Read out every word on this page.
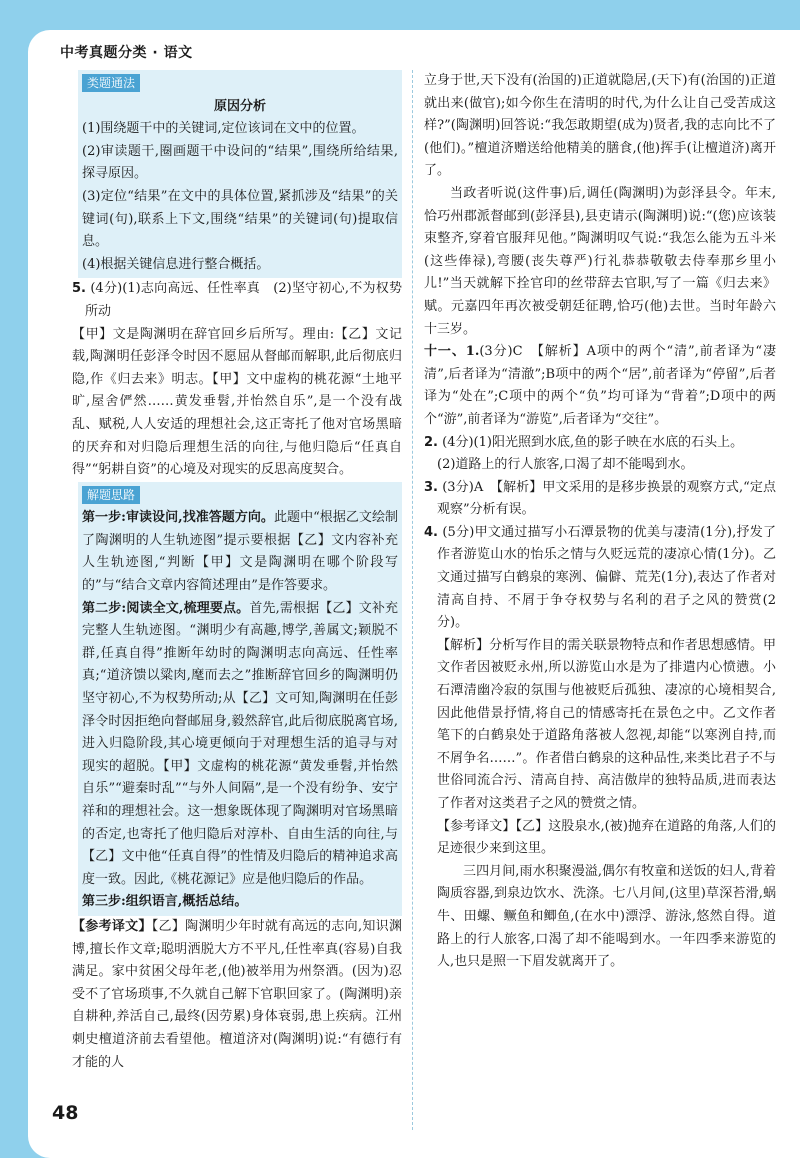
中考真题分类 · 语文
类题通法

原因分析

(1)围绕题干中的关键词,定位该词在文中的位置。

(2)审读题干,圈画题干中设问的“结果”,围绕所给结果,探寻原因。

(3)定位“结果”在文中的具体位置,紧抓涉及“结果”的关键词(句),联系上下文,围绕“结果”的关键词(句)提取信息。

(4)根据关键信息进行整合概括。

5. (4分)(1)志向高远、任性率真　(2)坚守初心,不为权势所动

【甲】文是陶渊明在辞官回乡后所写。理由:【乙】文记载,陶渊明任彭泽令时因不愿屈从督邮而解职,此后彻底归隐,作《归去来》明志。【甲】文中虚构的桃花源“土地平旷,屋舍俨然……黄发垂髫,并怡然自乐”,是一个没有战乱、赋税,人人安适的理想社会,这正寄托了他对官场黑暗的厌弃和对归隐后理想生活的向往,与他归隐后“任真自得”“躬耕自资”的心境及对现实的反思高度契合。

解题思路

第一步:审读设问,找准答题方向。此题中“根据乙文绘制了陶渊明的人生轨迹图”提示要根据【乙】文内容补充人生轨迹图,“判断【甲】文是陶渊明在哪个阶段写的”与“结合文章内容简述理由”是作答要求。

第二步:阅读全文,梳理要点。首先,需根据【乙】文补充完整人生轨迹图。“渊明少有高趣,博学,善属文;颖脱不群,任真自得”推断年幼时的陶渊明志向高远、任性率真;“道济馈以粱肉,麾而去之”推断辞官回乡的陶渊明仍坚守初心,不为权势所动;从【乙】文可知,陶渊明在任彭泽令时因拒绝向督邮屈身,毅然辞官,此后彻底脱离官场,进入归隐阶段,其心境更倾向于对理想生活的追寻与对现实的超脱。【甲】文虚构的桃花源“黄发垂髫,并怡然自乐”“避秦时乱”“与外人间隔”,是一个没有纷争、安宁祥和的理想社会。这一想象既体现了陶渊明对官场黑暗的否定,也寄托了他归隐后对淳朴、自由生活的向往,与【乙】文中他“任真自得”的性情及归隐后的精神追求高度一致。因此,《桃花源记》应是他归隐后的作品。

第三步:组织语言,概括总结。

【参考译文】【乙】陶渊明少年时就有高远的志向,知识渊博,擅长作文章;聪明洒脱大方不平凡,任性率真(容易)自我满足。家中贫困父母年老,(他)被举用为州祭酒。(因为)忍受不了官场琐事,不久就自己解下官职回家了。(陶渊明)亲自耕种,养活自己,最终(因劳累)身体衰弱,患上疾病。江州刺史檀道济前去看望他。檀道济对(陶渊明)说:“有德行有才能的人

立身于世,天下没有(治国的)正道就隐居,(天下)有(治国的)正道就出来(做官);如今你生在清明的时代,为什么让自己受苦成这样?”(陶渊明)回答说:“我怎敢期望(成为)贤者,我的志向比不了(他们)。”檀道济赠送给他精美的膳食,(他)挥手(让檀道济)离开了。

当政者听说(这件事)后,调任(陶渊明)为彭泽县令。年末,恰巧州郡派督邮到(彭泽县),县吏请示(陶渊明)说:“(您)应该装束整齐,穿着官服拜见他。”陶渊明叹气说:“我怎么能为五斗米(这些俸禄),弯腰(丧失尊严)行礼恭恭敬敬去侍奉那乡里小儿!”当天就解下拴官印的丝带辞去官职,写了一篇《归去来》赋。元嘉四年再次被受朝廷征聘,恰巧(他)去世。当时年龄六十三岁。

十一、1.(3分)C　【解析】A项中的两个“清”,前者译为“凄清”,后者译为“清澈”;B项中的两个“居”,前者译为“停留”,后者译为“处在”;C项中的两个“负”均可译为“背着”;D项中的两个“游”,前者译为“游览”,后者译为“交往”。

2. (4分)(1)阳光照到水底,鱼的影子映在水底的石头上。

(2)道路上的行人旅客,口渴了却不能喝到水。

3. (3分)A　【解析】甲文采用的是移步换景的观察方式,“定点观察”分析有误。

4. (5分)甲文通过描写小石潭景物的优美与凄清(1分),抒发了作者游览山水的怡乐之情与久贬远荒的凄凉心情(1分)。乙文通过描写白鹤泉的寒洌、偏僻、荒芜(1分),表达了作者对清高自持、不屑于争夺权势与名利的君子之风的赞赏(2分)。

【解析】分析写作目的需关联景物特点和作者思想感情。甲文作者因被贬永州,所以游览山水是为了排遣内心愤懑。小石潭清幽冷寂的氛围与他被贬后孤独、凄凉的心境相契合,因此他借景抒情,将自己的情感寄托在景色之中。乙文作者笔下的白鹤泉处于道路角落被人忽视,却能“以寒洌自持,而不屑争名……”。作者借白鹤泉的这种品性,来类比君子不与世俗同流合污、清高自持、高洁傲岸的独特品质,进而表达了作者对这类君子之风的赞赏之情。

【参考译文】【乙】这股泉水,(被)抛弃在道路的角落,人们的足迹很少来到这里。

三四月间,雨水积聚漫溢,偶尔有牧童和送饭的妇人,背着陶质容器,到泉边饮水、洗涤。七八月间,(这里)草深苔滑,蜗牛、田螺、鳜鱼和鲫鱼,(在水中)漂浮、游泳,悠然自得。道路上的行人旅客,口渴了却不能喝到水。一年四季来游览的人,也只是照一下眉发就离开了。

48
